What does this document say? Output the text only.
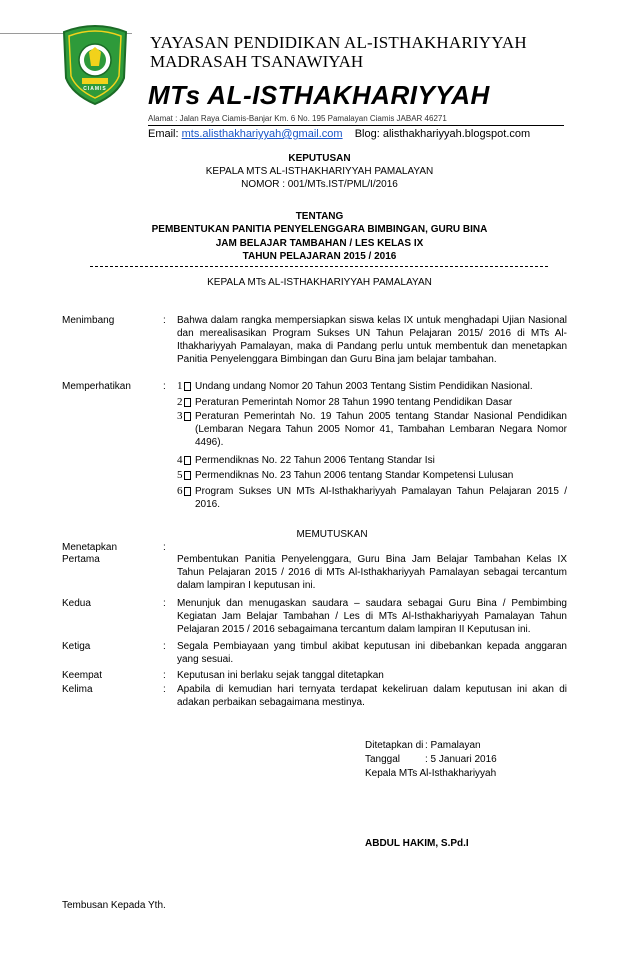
CIAMIS
YAYASAN PENDIDIKAN AL-ISTHAKHARIYYAH
MADRASAH TSANAWIYAH
MTs AL-ISTHAKHARIYYAH
Alamat : Jalan Raya Ciamis-Banjar Km. 6 No. 195 Pamalayan Ciamis JABAR 46271
Email: mts.alisthakhariyyah@gmail.com Blog: alisthakhariyyah.blogspot.com
KEPUTUSAN
KEPALA MTS AL-ISTHAKHARIYYAH PAMALAYAN
NOMOR : 001/MTs.IST/PML/I/2016
TENTANG
PEMBENTUKAN PANITIA PENYELENGGARA BIMBINGAN, GURU BINA
JAM BELAJAR TAMBAHAN / LES KELAS IX
TAHUN PELAJARAN 2015 / 2016
KEPALA MTs AL-ISTHAKHARIYYAH PAMALAYAN
Menimbang	: Bahwa dalam rangka mempersiapkan siswa kelas IX untuk menghadapi Ujian Nasional dan merealisasikan Program Sukses UN Tahun Pelajaran 2015/ 2016 di MTs Al-Ithakhariyyah Pamalayan, maka di Pandang perlu untuk membentuk dan menetapkan Panitia Penyelenggara Bimbingan dan Guru Bina jam belajar tambahan.
Memperhatikan	: 1	Undang undang Nomor 20 Tahun 2003 Tentang Sistim Pendidikan Nasional.
2	Peraturan Pemerintah Nomor 28 Tahun 1990 tentang Pendidikan Dasar
3	Peraturan Pemerintah No. 19 Tahun 2005 tentang Standar Nasional Pendidikan (Lembaran Negara Tahun 2005 Nomor 41, Tambahan Lembaran Negara Nomor 4496).
4	Permendiknas No. 22 Tahun 2006 Tentang Standar Isi
5	Permendiknas No. 23 Tahun 2006 tentang Standar Kompetensi Lulusan
6	Program Sukses UN MTs Al-Isthakhariyyah Pamalayan Tahun Pelajaran 2015 / 2016.
MEMUTUSKAN
Menetapkan	:
Pertama	Pembentukan Panitia Penyelenggara, Guru Bina Jam Belajar Tambahan Kelas IX Tahun Pelajaran 2015 / 2016 di MTs Al-Isthakhariyyah Pamalayan sebagai tercantum dalam lampiran I keputusan ini.
Kedua	: Menunjuk dan menugaskan saudara – saudara sebagai Guru Bina / Pembimbing Kegiatan Jam Belajar Tambahan / Les di MTs Al-Isthakhariyyah Pamalayan Tahun Pelajaran 2015 / 2016 sebagaimana tercantum dalam lampiran II Keputusan ini.
Ketiga	: Segala Pembiayaan yang timbul akibat keputusan ini dibebankan kepada anggaran yang sesuai.
Keempat	: Keputusan ini berlaku sejak tanggal ditetapkan
Kelima	: Apabila di kemudian hari ternyata terdapat kekeliruan dalam keputusan ini akan di adakan perbaikan sebagaimana mestinya.
Ditetapkan di : Pamalayan
Tanggal : 5 Januari 2016
Kepala MTs Al-Isthakhariyyah
ABDUL HAKIM, S.Pd.I
Tembusan Kepada Yth.
